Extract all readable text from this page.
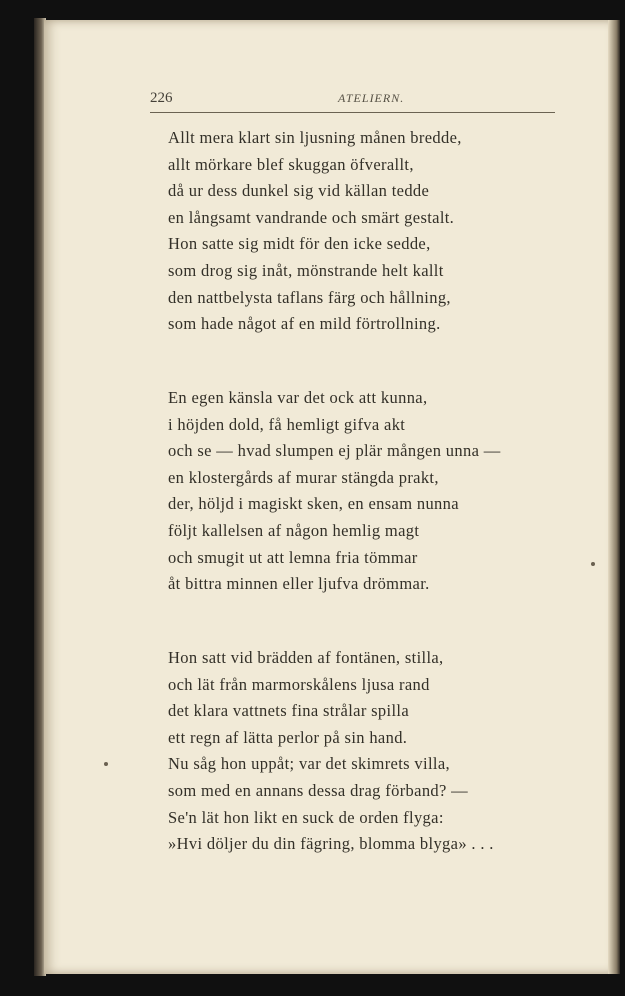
226	ATELIERN.
Allt mera klart sin ljusning månen bredde,
allt mörkare blef skuggan öfverallt,
då ur dess dunkel sig vid källan tedde
en långsamt vandrande och smärt gestalt.
Hon satte sig midt för den icke sedde,
som drog sig inåt, mönstrande helt kallt
den nattbelysta taflans färg och hållning,
som hade något af en mild förtrollning.
En egen känsla var det ock att kunna,
i höjden dold, få hemligt gifva akt
och se — hvad slumpen ej plär mången unna —
en klostergårds af murar stängda prakt,
der, höljd i magiskt sken, en ensam nunna
följt kallelsen af någon hemlig magt
och smugit ut att lemna fria tömmar
åt bittra minnen eller ljufva drömmar.
Hon satt vid brädden af fontänen, stilla,
och lät från marmorskålens ljusa rand
det klara vattnets fina strålar spilla
ett regn af lätta perlor på sin hand.
Nu såg hon uppåt; var det skimrets villa,
som med en annans dessa drag förband? —
Se'n lät hon likt en suck de orden flyga:
»Hvi döljer du din fägring, blomma blyga» . . .
